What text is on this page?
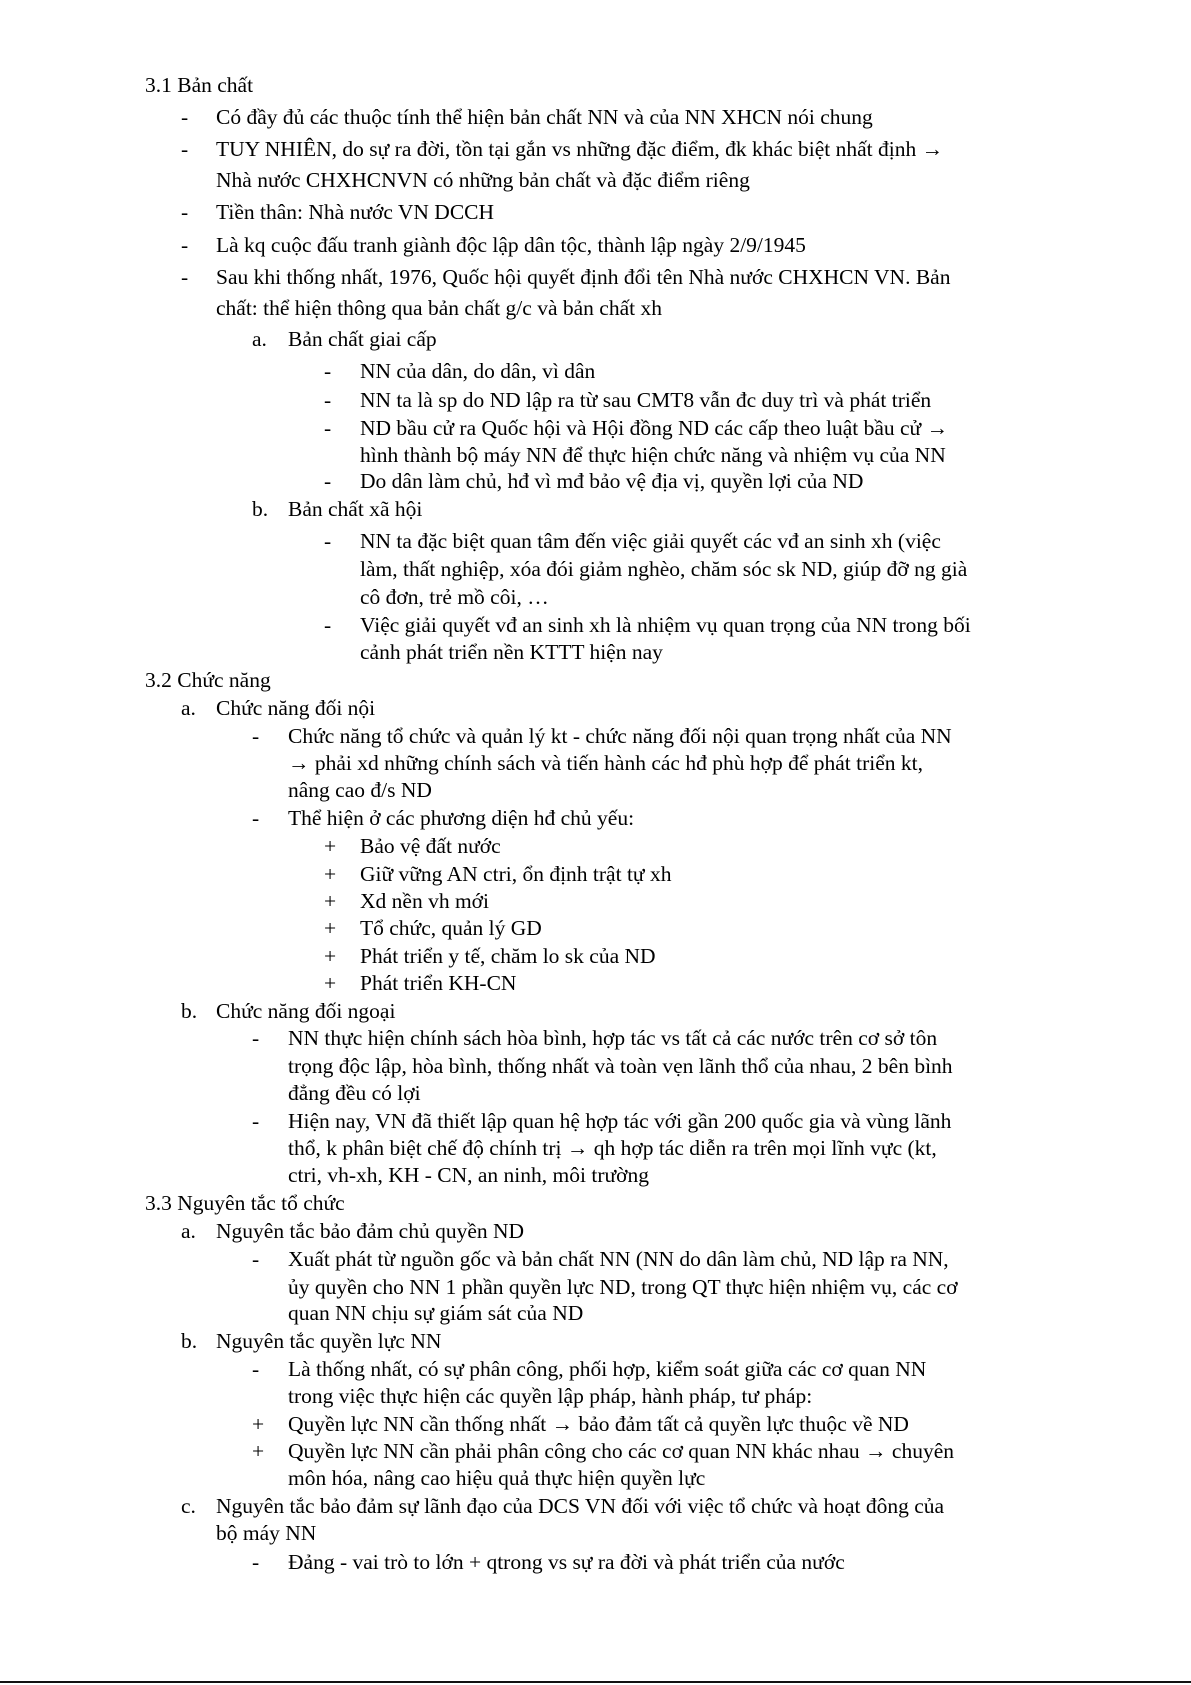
3.1 Bản chất
- Có đầy đủ các thuộc tính thể hiện bản chất NN và của NN XHCN nói chung
- TUY NHIÊN, do sự ra đời, tồn tại gắn vs những đặc điểm, đk khác biệt nhất định →
Nhà nước CHXHCNVN có những bản chất và đặc điểm riêng
- Tiền thân: Nhà nước VN DCCH
- Là kq cuộc đấu tranh giành độc lập dân tộc, thành lập ngày 2/9/1945
- Sau khi thống nhất, 1976, Quốc hội quyết định đổi tên Nhà nước CHXHCN VN. Bản
chất: thể hiện thông qua bản chất g/c và bản chất xh
a. Bản chất giai cấp
- NN của dân, do dân, vì dân
- NN ta là sp do ND lập ra từ sau CMT8 vẫn đc duy trì và phát triển
- ND bầu cử ra Quốc hội và Hội đồng ND các cấp theo luật bầu cử →
hình thành bộ máy NN để thực hiện chức năng và nhiệm vụ của NN
- Do dân làm chủ, hđ vì mđ bảo vệ địa vị, quyền lợi của ND
b. Bản chất xã hội
- NN ta đặc biệt quan tâm đến việc giải quyết các vđ an sinh xh (việc
làm, thất nghiệp, xóa đói giảm nghèo, chăm sóc sk ND, giúp đỡ ng già
cô đơn, trẻ mồ côi, …
- Việc giải quyết vđ an sinh xh là nhiệm vụ quan trọng của NN trong bối
cảnh phát triển nền KTTT hiện nay
3.2 Chức năng
a. Chức năng đối nội
- Chức năng tổ chức và quản lý kt - chức năng đối nội quan trọng nhất của NN
→ phải xd những chính sách và tiến hành các hđ phù hợp để phát triển kt,
nâng cao đ/s ND
- Thể hiện ở các phương diện hđ chủ yếu:
+ Bảo vệ đất nước
+ Giữ vững AN ctri, ổn định trật tự xh
+ Xd nền vh mới
+ Tổ chức, quản lý GD
+ Phát triển y tế, chăm lo sk của ND
+ Phát triển KH-CN
b. Chức năng đối ngoại
- NN thực hiện chính sách hòa bình, hợp tác vs tất cả các nước trên cơ sở tôn
trọng độc lập, hòa bình, thống nhất và toàn vẹn lãnh thổ của nhau, 2 bên bình
đẳng đều có lợi
- Hiện nay, VN đã thiết lập quan hệ hợp tác với gần 200 quốc gia và vùng lãnh
thổ, k phân biệt chế độ chính trị → qh hợp tác diễn ra trên mọi lĩnh vực (kt,
ctri, vh-xh, KH - CN, an ninh, môi trường
3.3 Nguyên tắc tổ chức
a. Nguyên tắc bảo đảm chủ quyền ND
- Xuất phát từ nguồn gốc và bản chất NN (NN do dân làm chủ, ND lập ra NN,
ủy quyền cho NN 1 phần quyền lực ND, trong QT thực hiện nhiệm vụ, các cơ
quan NN chịu sự giám sát của ND
b. Nguyên tắc quyền lực NN
- Là thống nhất, có sự phân công, phối hợp, kiểm soát giữa các cơ quan NN
trong việc thực hiện các quyền lập pháp, hành pháp, tư pháp:
+ Quyền lực NN cần thống nhất → bảo đảm tất cả quyền lực thuộc về ND
+ Quyền lực NN cần phải phân công cho các cơ quan NN khác nhau → chuyên
môn hóa, nâng cao hiệu quả thực hiện quyền lực
c. Nguyên tắc bảo đảm sự lãnh đạo của DCS VN đối với việc tổ chức và hoạt đông của
bộ máy NN
- Đảng - vai trò to lớn + qtrong vs sự ra đời và phát triển của nước
